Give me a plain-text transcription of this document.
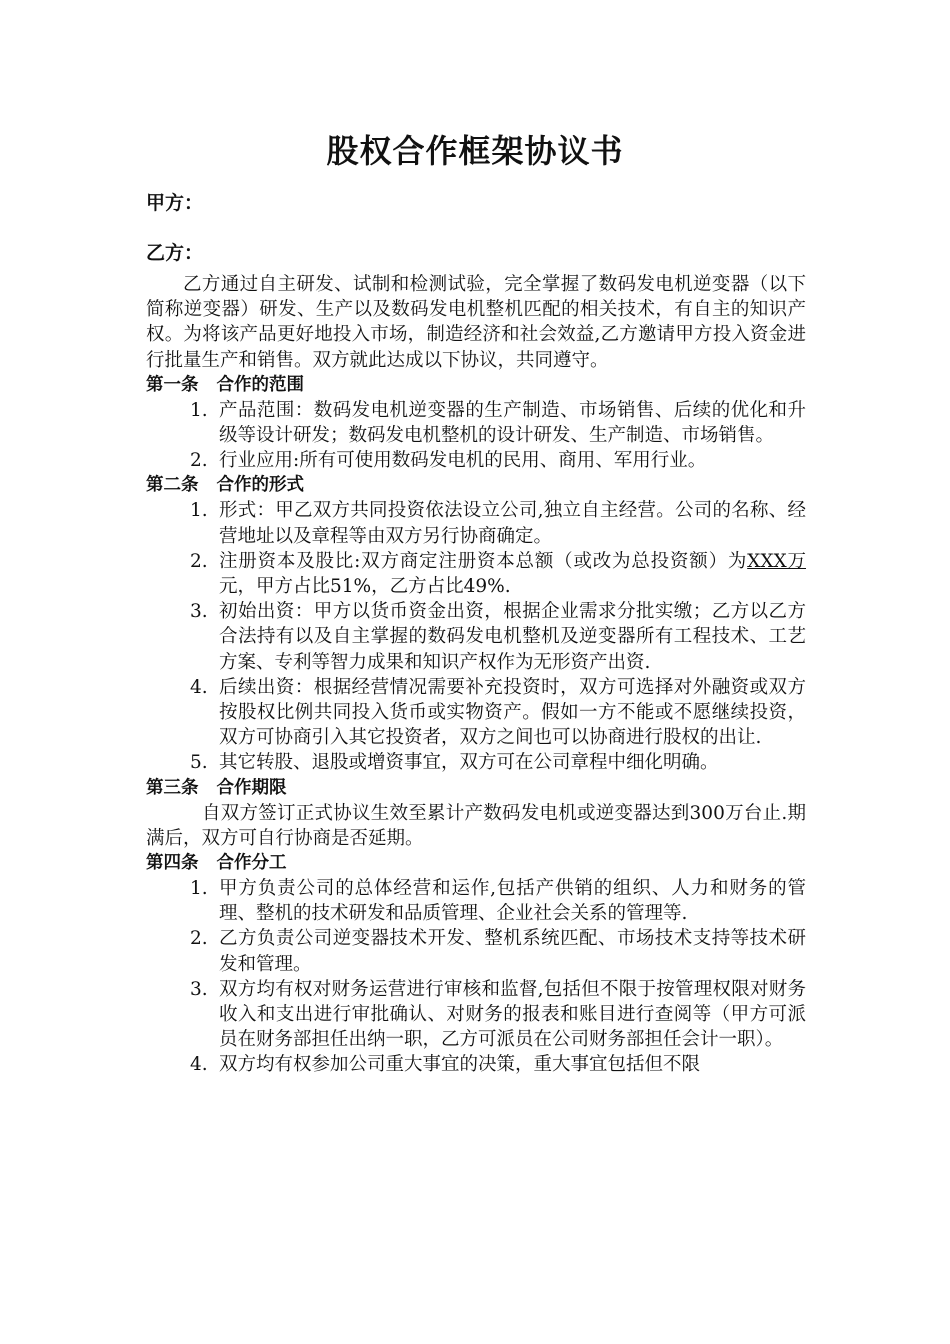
股权合作框架协议书
甲方：
乙方：

乙方通过自主研发、试制和检测试验，完全掌握了数码发电机逆变器（以下简称逆变器）研发、生产以及数码发电机整机匹配的相关技术，有自主的知识产权。为将该产品更好地投入市场，制造经济和社会效益,乙方邀请甲方投入资金进行批量生产和销售。双方就此达成以下协议，共同遵守。

第一条 合作的范围

1. 产品范围：数码发电机逆变器的生产制造、市场销售、后续的优化和升级等设计研发；数码发电机整机的设计研发、生产制造、市场销售。
2. 行业应用:所有可使用数码发电机的民用、商用、军用行业。

第二条 合作的形式

1. 形式：甲乙双方共同投资依法设立公司,独立自主经营。公司的名称、经营地址以及章程等由双方另行协商确定。
2. 注册资本及股比:双方商定注册资本总额（或改为总投资额）为XXX万元，甲方占比51%，乙方占比49%.
3. 初始出资：甲方以货币资金出资，根据企业需求分批实缴；乙方以乙方合法持有以及自主掌握的数码发电机整机及逆变器所有工程技术、工艺方案、专利等智力成果和知识产权作为无形资产出资.
4. 后续出资：根据经营情况需要补充投资时，双方可选择对外融资或双方按股权比例共同投入货币或实物资产。假如一方不能或不愿继续投资，双方可协商引入其它投资者，双方之间也可以协商进行股权的出让.
5. 其它转股、退股或增资事宜，双方可在公司章程中细化明确。

第三条 合作期限

自双方签订正式协议生效至累计产数码发电机或逆变器达到300万台止.期满后，双方可自行协商是否延期。

第四条 合作分工

1. 甲方负责公司的总体经营和运作,包括产供销的组织、人力和财务的管理、整机的技术研发和品质管理、企业社会关系的管理等.
2. 乙方负责公司逆变器技术开发、整机系统匹配、市场技术支持等技术研发和管理。
3. 双方均有权对财务运营进行审核和监督,包括但不限于按管理权限对财务收入和支出进行审批确认、对财务的报表和账目进行查阅等（甲方可派员在财务部担任出纳一职，乙方可派员在公司财务部担任会计一职）。
4. 双方均有权参加公司重大事宜的决策，重大事宜包括但不限
